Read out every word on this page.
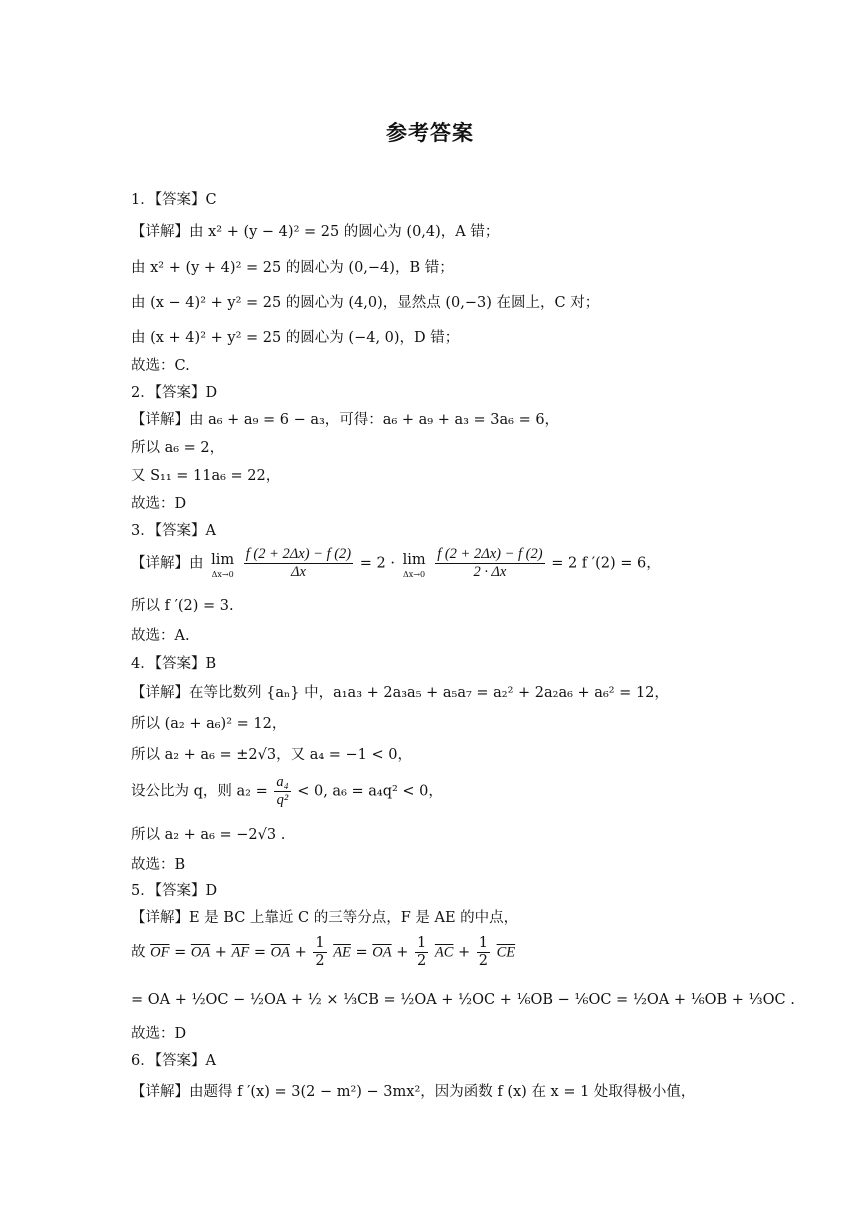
参考答案
1．【答案】C
【详解】由 x² + (y − 4)² = 25 的圆心为 (0,4)，A 错；
由 x² + (y + 4)² = 25 的圆心为 (0,−4)，B 错；
由 (x − 4)² + y² = 25 的圆心为 (4,0)，显然点 (0,−3) 在圆上，C 对；
由 (x + 4)² + y² = 25 的圆心为 (−4, 0)，D 错；
故选：C.
2．【答案】D
【详解】由 a₆ + a₉ = 6 − a₃，可得：a₆ + a₉ + a₃ = 3a₆ = 6，
所以 a₆ = 2，
又 S₁₁ = 11a₆ = 22，
故选：D
3．【答案】A
【详解】由 lim
Δx→0
$\frac{f (2 + 2\Delta x) - f (2)}{\Delta x} = 2 \cdot \lim$
Δx→0
$\frac{f (2 + 2\Delta x) - f (2)}{2 \cdot \Delta x} = 2$ f ′(2) = 6，
所以 f ′(2) = 3.
故选：A.
4．【答案】B
【详解】在等比数列 {aₙ} 中，a₁a₃ + 2a₃a₅ + a₅a₇ = a₂² + 2a₂a₆ + a₆² = 12，
所以 (a₂ + a₆)² = 12，
所以 a₂ + a₆ = ±2√3，又 a₄ = −1 < 0，
设公比为 q，则 $a_2 = \frac{\text{a₄}}{\text{q²}} < 0$, a₆ = a₄q² < 0，
所以 a₂ + a₆ = −2√3 .
故选：B
5．【答案】D
【详解】E 是 BC 上靠近 C 的三等分点，F 是 AE 的中点，
故 $\overline{OF} = \overline{OA} + \overline{AF} = \overline{OA} + \frac{1}{2} \overline{AE} = \overline{OA} + \frac{1}{2} \overline{AC} + \frac{1}{2} \overline{CE}$
= OA + ½OC − ½OA + ½ × ⅓CB = ½OA + ½OC + ⅙OB − ⅙OC = ½OA + ⅙OB + ⅓OC .
故选：D
6．【答案】A
【详解】由题得 f ′(x) = 3(2 − m²) − 3mx²，因为函数 f (x) 在 x = 1 处取得极小值，
